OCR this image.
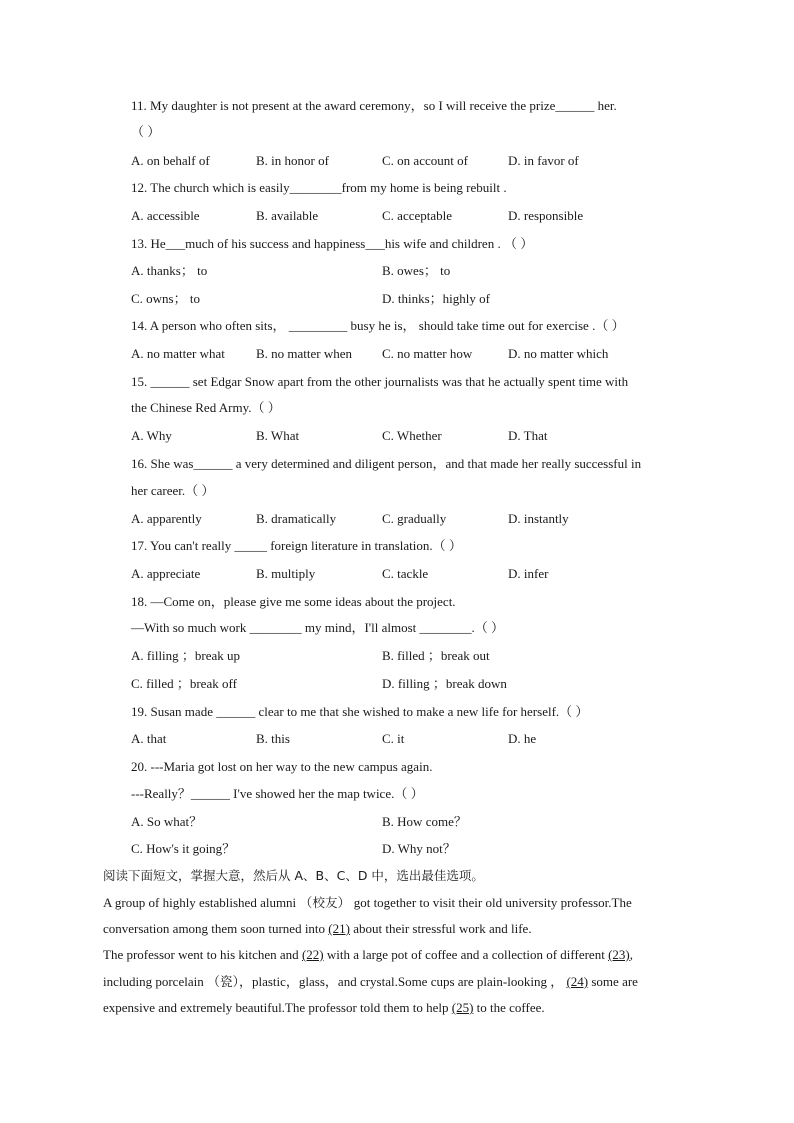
11. My daughter is not present at the award ceremony，so I will receive the prize______ her.
（ ）
A. on behalf of	B. in honor of	C. on account of	D. in favor of
12. The church which is easily________from my home is being rebuilt .
A. accessible	B. available	C. acceptable	D. responsible
13. He___much of his success and happiness___his wife and children . （ ）
A. thanks； to	B. owes； to
C. owns； to	D. thinks；highly of
14. A person who often sits， _________ busy he is， should take time out for exercise .（ ）
A. no matter what B. no matter when C. no matter how	D. no matter which
15. ______ set Edgar Snow apart from the other journalists was that he actually spent time with
the Chinese Red Army.（ ）
A. Why	B. What	C. Whether	D. That
16. She was______ a very determined and diligent person，and that made her really successful in
her career.（ ）
A. apparently	B. dramatically	C. gradually	D. instantly
17. You can't really _____ foreign literature in translation.（ ）
A. appreciate	B. multiply	C. tackle	D. infer
18. —Come on，please give me some ideas about the project.
—With so much work ________ my mind，I'll almost ________.（ ）
A. filling ；break up	B. filled ；break out
C. filled ；break off	D. filling ；break down
19. Susan made ______ clear to me that she wished to make a new life for herself.（ ）
A. that	B. this	C. it	D. he
20. ---Maria got lost on her way to the new campus again.
---Really？______ I've showed her the map twice.（ ）
A. So what？	B. How come？
C. How's it going？	D. Why not？
阅读下面短文，掌握大意，然后从 A、B、C、D 中，选出最佳选项。
A group of highly established alumni （校友） got together to visit their old university professor.The
conversation among them soon turned into (21) about their stressful work and life.
The professor went to his kitchen and (22) with a large pot of coffee and a collection of different (23),
including porcelain （瓷），plastic，glass，and crystal.Some cups are plain-looking ， (24) some are
expensive and extremely beautiful.The professor told them to help (25) to the coffee.
